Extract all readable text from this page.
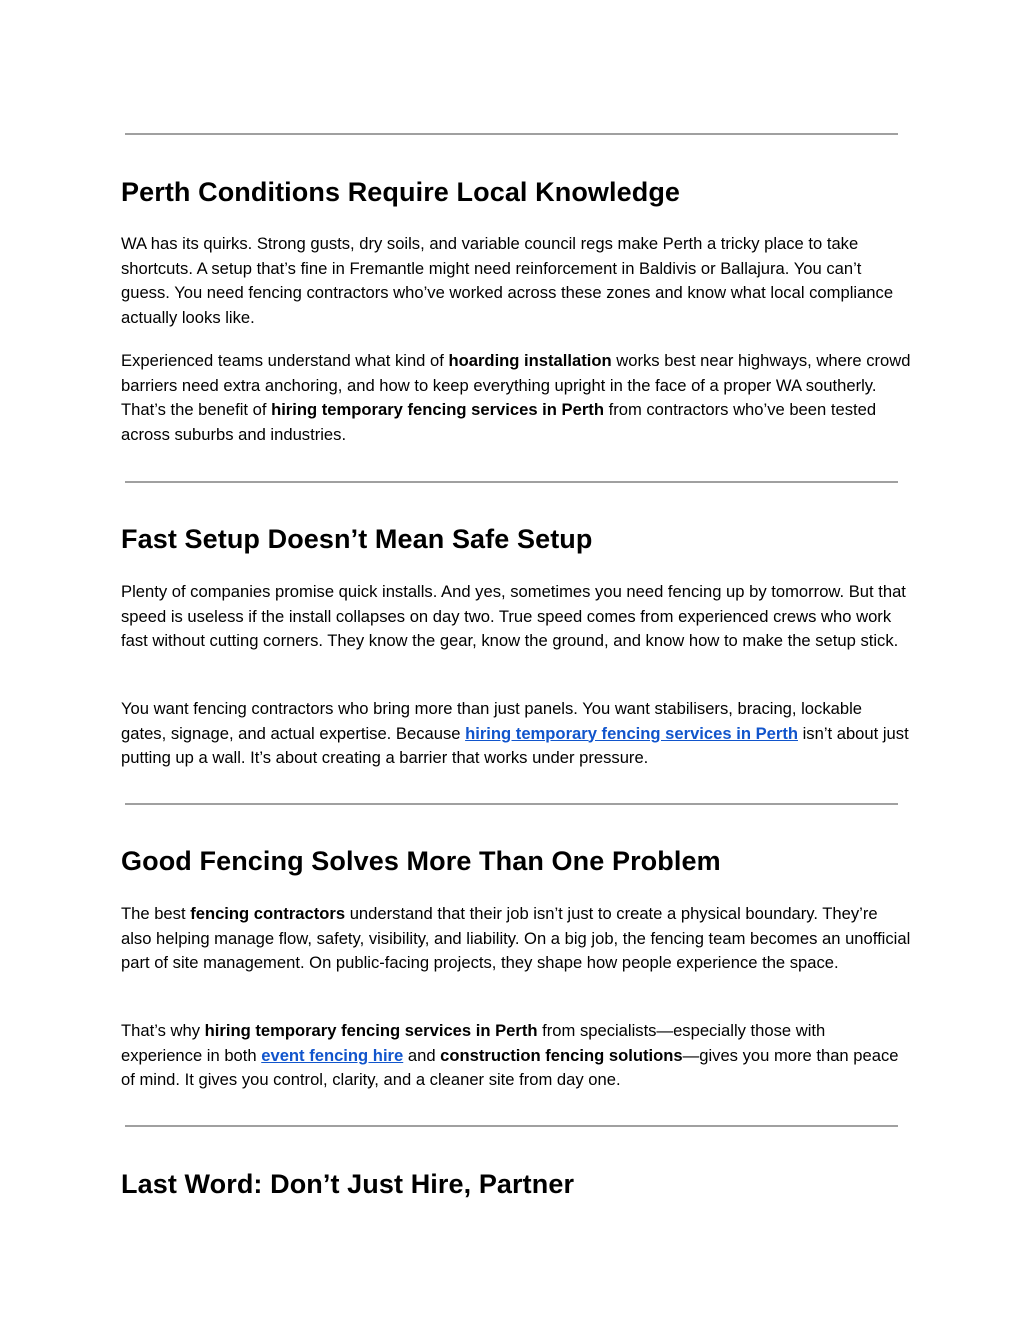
Perth Conditions Require Local Knowledge

WA has its quirks. Strong gusts, dry soils, and variable council regs make Perth a tricky place to take shortcuts. A setup that’s fine in Fremantle might need reinforcement in Baldivis or Ballajura. You can’t guess. You need fencing contractors who’ve worked across these zones and know what local compliance actually looks like.

Experienced teams understand what kind of hoarding installation works best near highways, where crowd barriers need extra anchoring, and how to keep everything upright in the face of a proper WA southerly. That’s the benefit of hiring temporary fencing services in Perth from contractors who’ve been tested across suburbs and industries.

Fast Setup Doesn’t Mean Safe Setup

Plenty of companies promise quick installs. And yes, sometimes you need fencing up by tomorrow. But that speed is useless if the install collapses on day two. True speed comes from experienced crews who work fast without cutting corners. They know the gear, know the ground, and know how to make the setup stick.

You want fencing contractors who bring more than just panels. You want stabilisers, bracing, lockable gates, signage, and actual expertise. Because hiring temporary fencing services in Perth isn’t about just putting up a wall. It’s about creating a barrier that works under pressure.

Good Fencing Solves More Than One Problem

The best fencing contractors understand that their job isn’t just to create a physical boundary. They’re also helping manage flow, safety, visibility, and liability. On a big job, the fencing team becomes an unofficial part of site management. On public-facing projects, they shape how people experience the space.

That’s why hiring temporary fencing services in Perth from specialists—especially those with experience in both event fencing hire and construction fencing solutions—gives you more than peace of mind. It gives you control, clarity, and a cleaner site from day one.

Last Word: Don’t Just Hire, Partner
